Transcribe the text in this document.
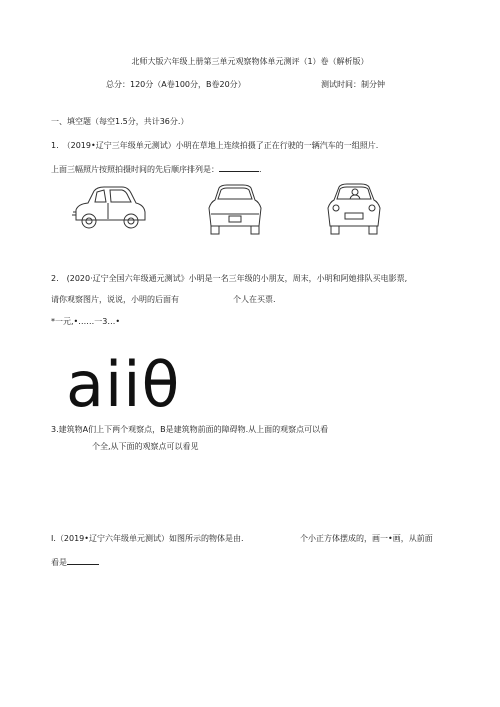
北师大版六年级上册第三单元观察物体单元测评（1）卷（解析版）
总分：120分（A卷100分，B卷20分）	测试时间：制分钟
一、填空题（每空1.5分，共计36分.）
1.　（2019•辽宁三年级单元测试）小明在草地上连续拍摄了正在行驶的一辆汽车的一组照片.
上面三幅照片按照拍摄时间的先后顺序排列是：	.
2.　(2020·辽宁全国六年级通元测试》小明是一名三年级的小朋友，周末，小明和阿她排队买电影票,
请你观察图片，说说，小明的后面有	个人在买票.
*一元,•……一3…•
aiiθ
3.建筑物A们上下两个观察点，B是建筑物前面的障碍物.从上面的观察点可以看
个全,从下面的观察点可以看见
I.（2019•辽宁六年级单元测试）如图所示的物体是由.	个小正方体摆成的，画一•画，从前面
看是
